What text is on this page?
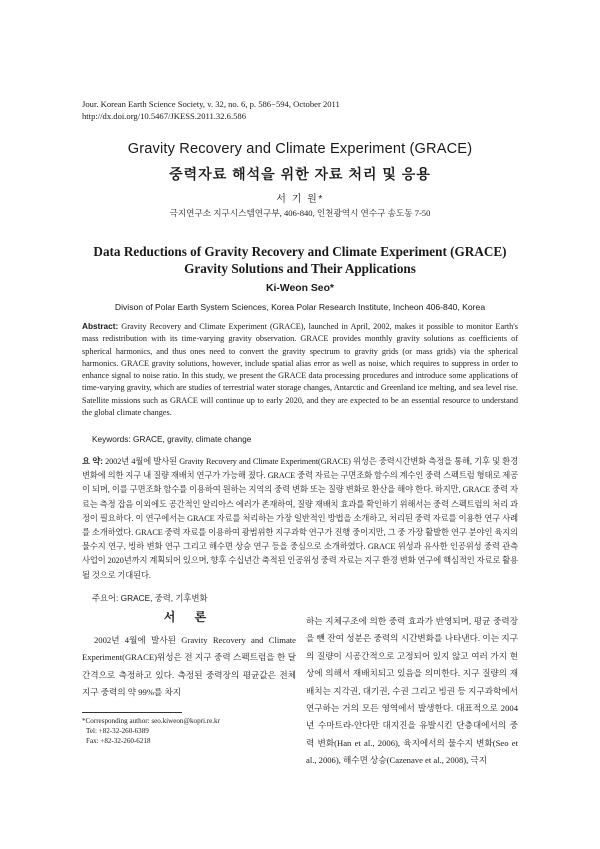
Jour. Korean Earth Science Society, v. 32, no. 6, p. 586−594, October 2011
http://dx.doi.org/10.5467/JKESS.2011.32.6.586
Gravity Recovery and Climate Experiment (GRACE)
중력자료 해석을 위한 자료 처리 및 응용
서 기 원*
극지연구소 지구시스템연구부, 406-840, 인천광역시 연수구 송도동 7-50
Data Reductions of Gravity Recovery and Climate Experiment (GRACE)
Gravity Solutions and Their Applications
Ki-Weon Seo*
Divison of Polar Earth System Sciences, Korea Polar Research Institute, Incheon 406-840, Korea
Abstract: Gravity Recovery and Climate Experiment (GRACE), launched in April, 2002, makes it possible to monitor Earth's mass redistribution with its time-varying gravity observation. GRACE provides monthly gravity solutions as coefficients of spherical harmonics, and thus ones need to convert the gravity spectrum to gravity grids (or mass grids) via the spherical harmonics. GRACE gravity solutions, however, include spatial alias error as well as noise, which requires to suppress in order to enhance signal to noise ratio. In this study, we present the GRACE data processing procedures and introduce some applications of time-varying gravity, which are studies of terrestrial water storage changes, Antarctic and Greenland ice melting, and sea level rise. Satellite missions such as GRACE will continue up to early 2020, and they are expected to be an essential resource to understand the global climate changes.
Keywords: GRACE, gravity, climate change
요 약: 2002년 4월에 발사된 Gravity Recovery and Climate Experiment(GRACE) 위성은 중력시간변화 측정을 통해, 기후 및 환경 변화에 의한 지구 내 질량 재배치 연구가 가능해 졌다. GRACE 중력 자료는 구면조화 함수의 계수인 중력 스펙트럼 형태로 제공이 되며, 이를 구면조화 함수를 이용하여 원하는 지역의 중력 변화 또는 질량 변화로 환산을 해야 한다. 하지만, GRACE 중력 자료는 측정 잡음 이외에도 공간적인 알리아스 에러가 존재하여, 질량 재배치 효과를 확인하기 위해서는 중력 스펙트럼의 처리 과정이 필요하다. 이 연구에서는 GRACE 자료를 처리하는 가장 일반적인 방법을 소개하고, 처리된 중력 자료를 이용한 연구 사례를 소개하였다. GRACE 중력 자료를 이용하여 광범위한 지구과학 연구가 진행 중이지만, 그 중 가장 활발한 연구 분야인 육지의 물수지 연구, 빙하 변화 연구 그리고 해수면 상승 연구 등을 중심으로 소개하였다. GRACE 위성과 유사한 인공위성 중력 관측 사업이 2020년까지 계획되어 있으며, 향후 수십년간 축적된 인공위성 중력 자료는 지구 환경 변화 연구에 핵심적인 자료로 활용될 것으로 기대된다.
주요어: GRACE, 중력, 기후변화
서 론
2002년 4월에 발사된 Gravity Recovery and Climate Experiment(GRACE)위성은 전 지구 중력 스펙트럼을 한 달 간격으로 측정하고 있다. 측정된 중력장의 평균값은 전체 지구 중력의 약 99%를 차지
하는 지체구조에 의한 중력 효과가 반영되며, 평균 중력장을 뺀 잔여 성분은 중력의 시간변화를 나타낸다. 이는 지구의 질량이 시공간적으로 고정되어 있지 않고 여러 가지 현상에 의해서 재배치되고 있음을 의미한다. 지구 질량의 재배치는 지각권, 대기권, 수권 그리고 빙권 등 지구과학에서 연구하는 거의 모든 영역에서 발생한다. 대표적으로 2004년 수마트라-안다만 대지진을 유발시킨 단층대에서의 중력 변화(Han et al., 2006), 육지에서의 물수지 변화(Seo et al., 2006), 해수면 상승(Cazenave et al., 2008), 극지
*Corresponding author: seo.kiweon@kopri.re.kr
Tel: +82-32-260-6389
Fax: +82-32-260-6218
